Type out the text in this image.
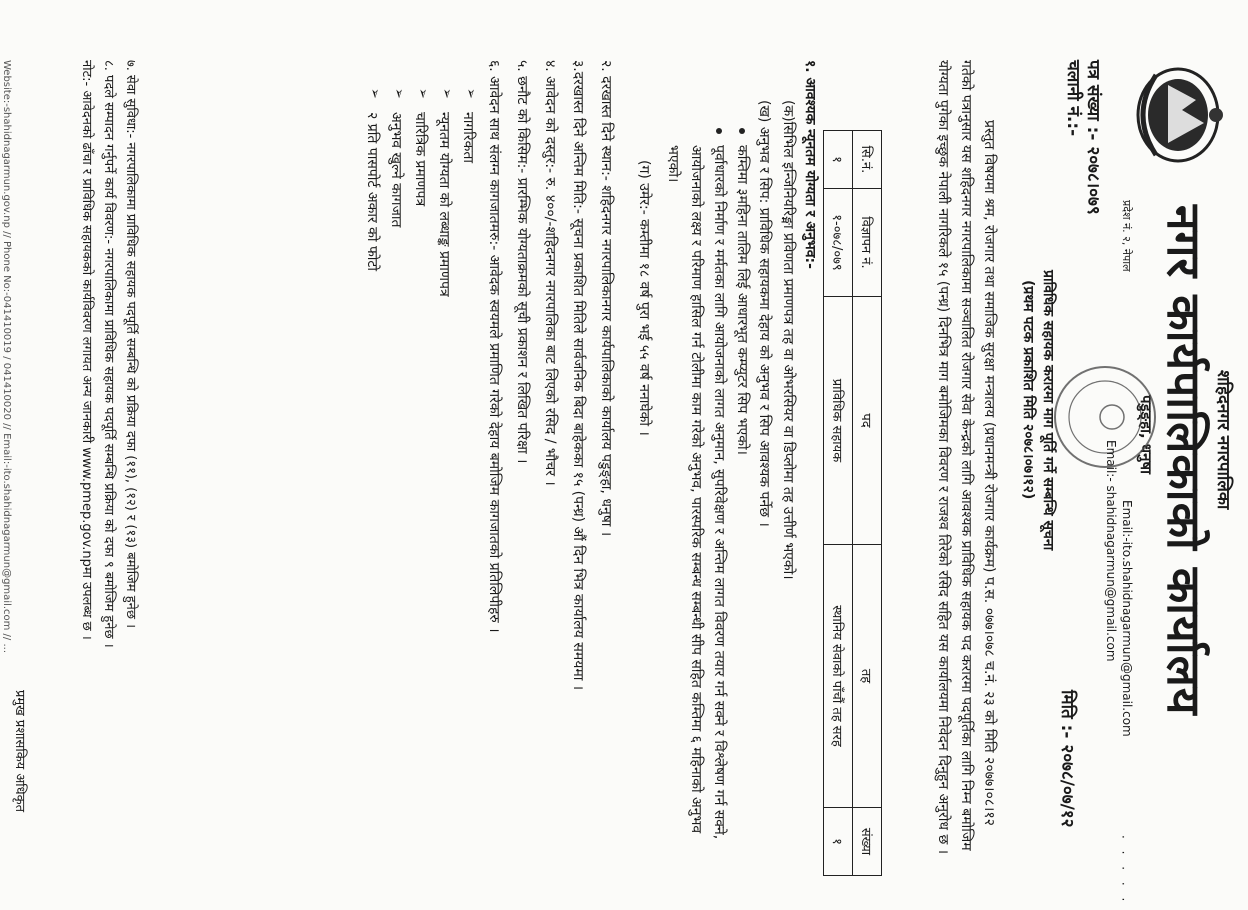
शहिदनगर नगरपालिका
नगर कार्यपालिकाको कार्यालय
पडुङ्हा, धनुषा
प्रदेश नं. २, नेपाल
Email:-ito.shahidnagarmun@gmail.com
Email:- shahidnagarmun@gmail.com
· · · · ·
पत्र संख्या :- २०७८।०७९
चलानी नं.:-
मिति :- २०७८/०७/१२
प्राविधिक सहायक करारमा माग पूर्ति गर्ने सम्बन्धि सूचना
(प्रथम पटक प्रकाशित मिति २०७८।०७।१२)
प्रस्तुत विषयमा श्रम, रोजगार तथा समाजिक सुरक्षा मन्त्रालय (प्रधानमन्त्री रोजगार कार्यक्रम) प.स. ०७७।०७८ च.नं. २३ को मिति २०७७।०८।१२ गतेको पत्रानुसार यस शहिदनगर नगरपालिकामा सञ्चालित रोजगार सेवा केन्द्रको लागि आवश्यक प्राविधिक सहायक पद करारमा पदपूर्तिका लागि निम्न बमोजिम योग्यता पुगेका इच्छुक नेपाली नागरिकले १५ (पन्ध्र) दिनभित्र माग बमोजिमका विवरण र राजश्व तिरेको रसिद सहित यस कार्यालयमा निवेदन दिनुहुन अनुरोध छ ।
सि.नं.	विज्ञापन नं.	पद	तह	संख्या
१	१-०७८/०७९	प्राविधिक सहायक	स्थानिय सेवाको पाँचौं तह सरह	१
१. आवश्यक न्यूनतम योग्यता र अनुभव:-
(क)सिभिल इन्जिनियरिङ्मा प्रविणता प्रमाणपत्र तह वा ओभरसियर वा डिप्लोमा तह उत्तीर्ण भएको।
(ख) अनुभव र सिप: प्राविधिक सहायकमा देहाय को अनुभव र सिप आवश्यक पर्नेछ ।
कम्तिमा ३महिना तालिम लिई आधारभूत कम्प्युटर सिप भएको।
पूर्वाधारको निर्माण र मर्मतका लागि आयोजनाको लागत अनुमान, सुपरिवेक्षण र अन्तिम लागत विवरण तयार गर्न सक्ने र विश्लेषण गर्न सक्ने, आयोजनाको लक्ष्य र परिमाण हासिल गर्न टोलीमा काम गरेको अनुभव, पारस्परिक सम्बन्ध सम्बन्धी सीप सहित कम्तिमा ६ महिनाको अनुभव भएको।
(ग) उमेर:- कम्तीमा १८ वर्ष पुरा भई ५५ वर्ष ननाघेको ।
२. दरखास्त दिने स्थान:- शहिदनगर नगरपालिकानगर कार्यपालिकाको कार्यालय पडुङ्हा, धनुषा ।
३.दरखास्त दिने अन्तिम मिति:- सूचना प्रकाशित मितिले सार्वजनिक बिदा बाहेकका १५ (पन्ध्र) औं दिन भित्र कार्यालय समयमा ।
४. आवेदन को दस्तुर:- रु. ४००/-शहिदनगर नगरपालिका बाट लिएको रसिद / भौचर ।
५. छनौट को किसिम:- प्रारम्भिक योग्यताक्रमको सूची प्रकाशन र लिखित परिक्षा ।
६. आवेदन साथ संलग्न कागजातमरु:- आवेदक स्वयमले प्रमाणित गरेको देहाय बमोजिम कागजातको प्रतिलिपीहरु ।
➢
नागरिकता
➢
न्यूनतम योग्यता को लब्धाङ्क प्रमाणपत्र
➢
चारित्रिक प्रमाणपत्र
➢
अनुभव खुल्ने कागजात
➢
२ प्रति पासपोर्ट अकार को फोटो
७. सेवा सुविधा:- नगरपालिकामा प्राविधिक सहायक पदपूर्ति सम्बन्धि को प्रक्रिया दफा (११), (१२) र (१३) बमोजिम हुनेछ ।
८. पदले सम्पादन गर्नुपर्ने कार्य विवरण:- नगरपालिकामा प्राविधिक सहायक पदपूर्ति सम्बन्धि प्रक्रिया को दफा ९ बमोजिम हुनेछ ।
नोट:- आवेदनको ढाँचा र प्राविधिक सहायकको कार्यविवरण लगायत अन्य जानकारी www.pmep.gov.npमा उपलब्ध छ ।
प्रमुख प्रशासकिय अधिकृत
Website:-shahidnagarmun.gov.np // Phone No:-041410019 / 041410020 // Email:-ito.shahidnagarmun@gmail.com // ...
